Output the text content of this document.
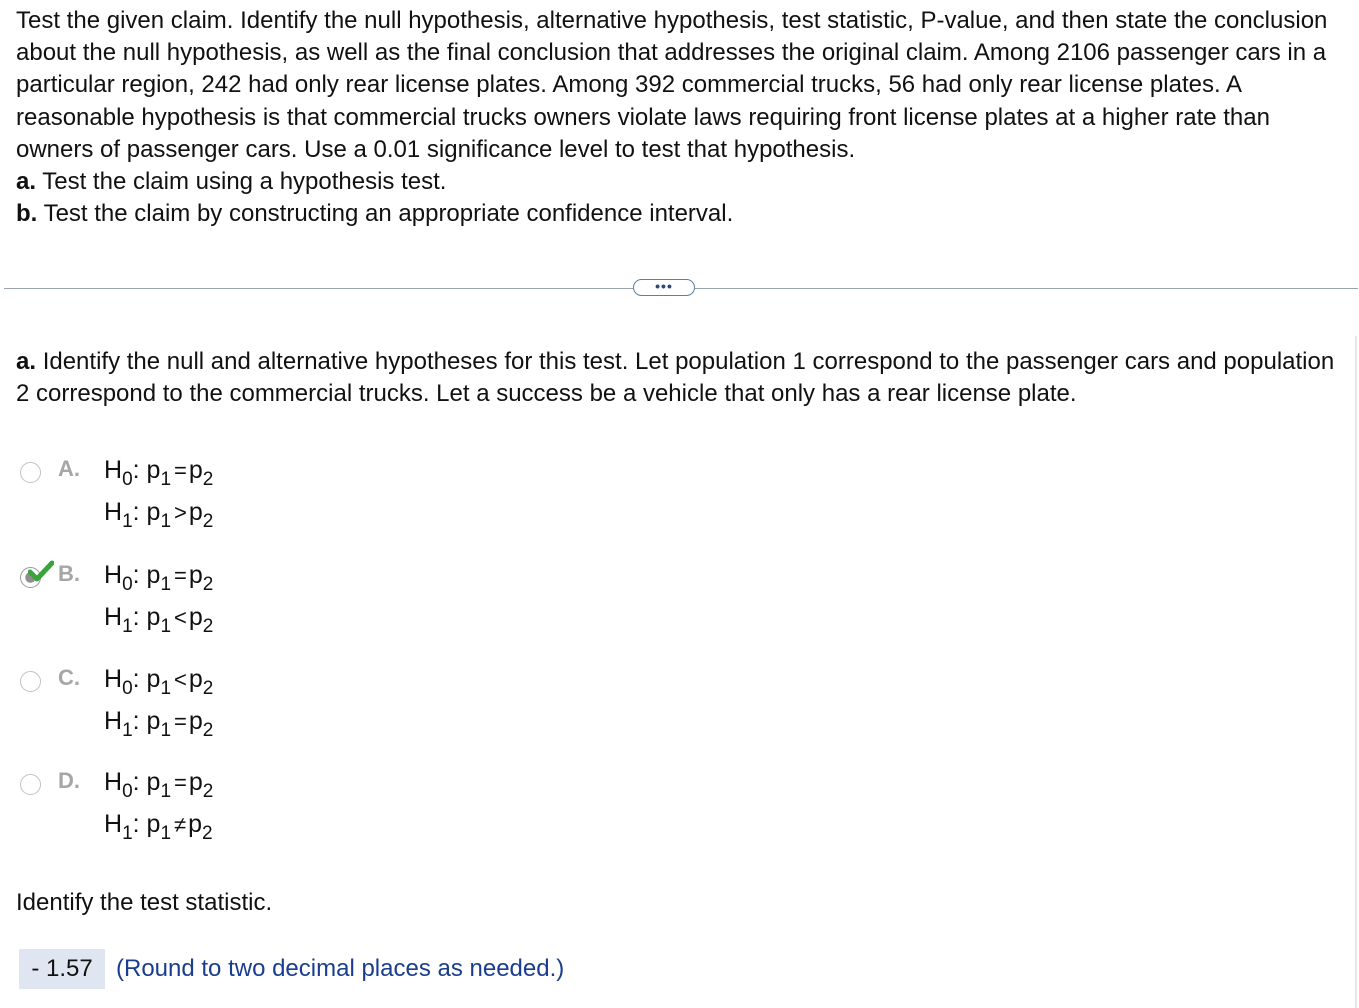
Test the given claim. Identify the null hypothesis, alternative hypothesis, test statistic, P-value, and then state the conclusion about the null hypothesis, as well as the final conclusion that addresses the original claim. Among 2106 passenger cars in a particular region, 242 had only rear license plates. Among 392 commercial trucks, 56 had only rear license plates. A reasonable hypothesis is that commercial trucks owners violate laws requiring front license plates at a higher rate than owners of passenger cars. Use a 0.01 significance level to test that hypothesis.

a. Test the claim using a hypothesis test.

b. Test the claim by constructing an appropriate confidence interval.

•••
a. Identify the null and alternative hypotheses for this test. Let population 1 correspond to the passenger cars and population 2 correspond to the commercial trucks. Let a success be a vehicle that only has a rear license plate.
A. $H_0$: $p_1 =p_2$
$H_1$: $p_1 >p_2$
B. $H_0$: $p_1 =p_2$
$H_1$: $p_1 <p_2$
C. $H_0$: $p_1 <p_2$
$H_1$: $p_1 =p_2$
D. $H_0$: $p_1 =p_2$
$H_1$: $p_1 \ne p_2$
Identify the test statistic.
- 1.57 (Round to two decimal places as needed.)
